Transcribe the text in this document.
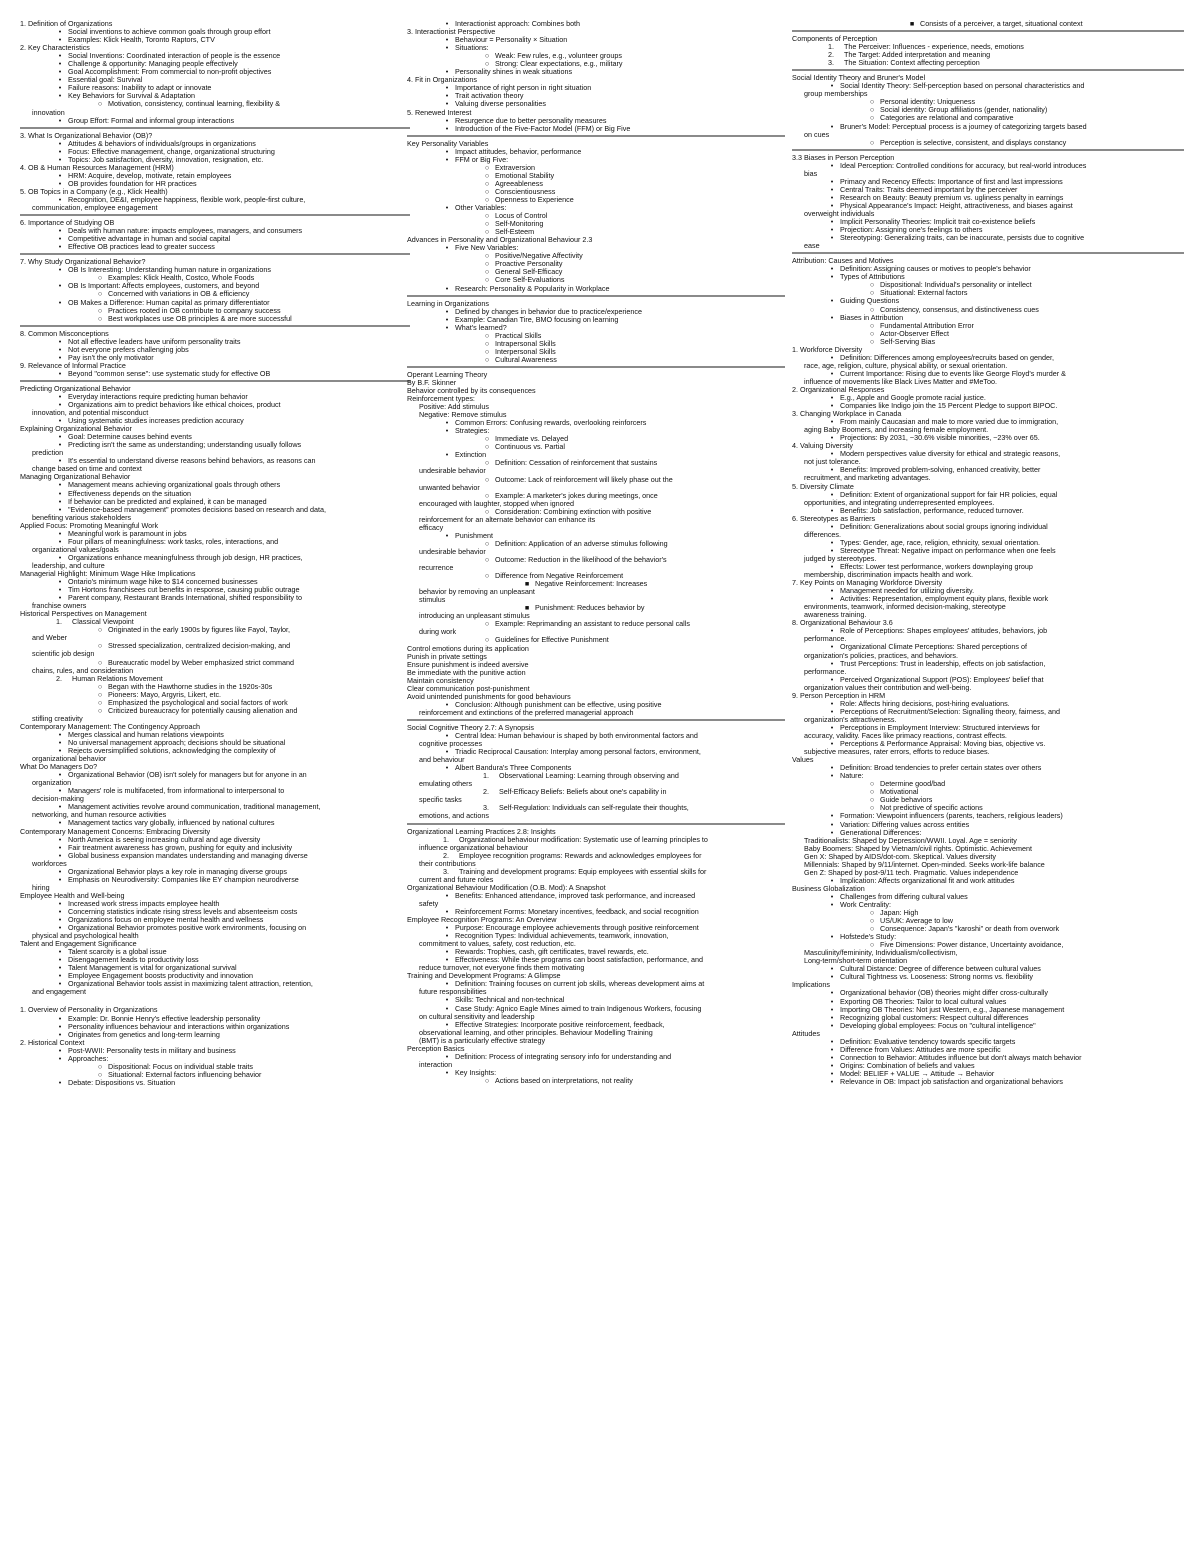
1. Definition of Organizations
• Social inventions to achieve common goals through group effort
• Examples: Klick Health, Toronto Raptors, CTV
2. Key Characteristics
• Social Inventions: Coordinated interaction of people is the essence
• Challenge & opportunity: Managing people effectively
• Goal Accomplishment: From commercial to non-profit objectives
• Essential goal: Survival
• Failure reasons: Inability to adapt or innovate
• Key Behaviors for Survival & Adaptation
○ Motivation, consistency, continual learning, flexibility &
innovation
• Group Effort: Formal and informal group interactions
3. What Is Organizational Behavior (OB)?
• Attitudes & behaviors of individuals/groups in organizations
• Focus: Effective management, change, organizational structuring
• Topics: Job satisfaction, diversity, innovation, resignation, etc.
4. OB & Human Resources Management (HRM)
• HRM: Acquire, develop, motivate, retain employees
• OB provides foundation for HR practices
5. OB Topics in a Company (e.g., Klick Health)
• Recognition, DE&I, employee happiness, flexible work, people-first culture,
communication, employee engagement
6. Importance of Studying OB
• Deals with human nature: impacts employees, managers, and consumers
• Competitive advantage in human and social capital
• Effective OB practices lead to greater success
7. Why Study Organizational Behavior?
• OB Is Interesting: Understanding human nature in organizations
○ Examples: Klick Health, Costco, Whole Foods
• OB Is Important: Affects employees, customers, and beyond
○ Concerned with variations in OB & efficiency
• OB Makes a Difference: Human capital as primary differentiator
○ Practices rooted in OB contribute to company success
○ Best workplaces use OB principles & are more successful
8. Common Misconceptions
• Not all effective leaders have uniform personality traits
• Not everyone prefers challenging jobs
• Pay isn't the only motivator
9. Relevance of Informal Practice
• Beyond "common sense": use systematic study for effective OB
Predicting Organizational Behavior
• Everyday interactions require predicting human behavior
• Organizations aim to predict behaviors like ethical choices, product
innovation, and potential misconduct
• Using systematic studies increases prediction accuracy
Explaining Organizational Behavior
• Goal: Determine causes behind events
• Predicting isn't the same as understanding; understanding usually follows
prediction
• It's essential to understand diverse reasons behind behaviors, as reasons can
change based on time and context
Managing Organizational Behavior
• Management means achieving organizational goals through others
• Effectiveness depends on the situation
• If behavior can be predicted and explained, it can be managed
• "Evidence-based management" promotes decisions based on research and data,
benefiting various stakeholders
Applied Focus: Promoting Meaningful Work
• Meaningful work is paramount in jobs
• Four pillars of meaningfulness: work tasks, roles, interactions, and
organizational values/goals
• Organizations enhance meaningfulness through job design, HR practices,
leadership, and culture
Managerial Highlight: Minimum Wage Hike Implications
• Ontario's minimum wage hike to $14 concerned businesses
• Tim Hortons franchisees cut benefits in response, causing public outrage
• Parent company, Restaurant Brands International, shifted responsibility to
franchise owners
Historical Perspectives on Management
1. Classical Viewpoint
○ Originated in the early 1900s by figures like Fayol, Taylor,
and Weber
○ Stressed specialization, centralized decision-making, and
scientific job design
○ Bureaucratic model by Weber emphasized strict command
chains, rules, and consideration
2. Human Relations Movement
○ Began with the Hawthorne studies in the 1920s-30s
○ Pioneers: Mayo, Argyris, Likert, etc.
○ Emphasized the psychological and social factors of work
○ Criticized bureaucracy for potentially causing alienation and
stifling creativity
Contemporary Management: The Contingency Approach
• Merges classical and human relations viewpoints
• No universal management approach; decisions should be situational
• Rejects oversimplified solutions, acknowledging the complexity of
organizational behavior
What Do Managers Do?
• Organizational Behavior (OB) isn't solely for managers but for anyone in an
organization
• Managers' role is multifaceted, from informational to interpersonal to
decision-making
• Management activities revolve around communication, traditional management,
networking, and human resource activities
• Management tactics vary globally, influenced by national cultures
Contemporary Management Concerns: Embracing Diversity
• North America is seeing increasing cultural and age diversity
• Fair treatment awareness has grown, pushing for equity and inclusivity
• Global business expansion mandates understanding and managing diverse
workforces
• Organizational Behavior plays a key role in managing diverse groups
• Emphasis on Neurodiversity: Companies like EY champion neurodiverse
hiring
Employee Health and Well-being
• Increased work stress impacts employee health
• Concerning statistics indicate rising stress levels and absenteeism costs
• Organizations focus on employee mental health and wellness
• Organizational Behavior promotes positive work environments, focusing on
physical and psychological health
Talent and Engagement Significance
• Talent scarcity is a global issue
• Disengagement leads to productivity loss
• Talent Management is vital for organizational survival
• Employee Engagement boosts productivity and innovation
• Organizational Behavior tools assist in maximizing talent attraction, retention,
and engagement
1. Overview of Personality in Organizations
• Example: Dr. Bonnie Henry's effective leadership personality
• Personality influences behaviour and interactions within organizations
• Originates from genetics and long-term learning
2. Historical Context
• Post-WWII: Personality tests in military and business
• Approaches:
○ Dispositional: Focus on individual stable traits
○ Situational: External factors influencing behavior
• Debate: Dispositions vs. Situation
• Interactionist approach: Combines both
3. Interactionist Perspective
• Behaviour = Personality × Situation
• Situations:
○ Weak: Few rules, e.g., volunteer groups
○ Strong: Clear expectations, e.g., military
• Personality shines in weak situations
4. Fit in Organizations
• Importance of right person in right situation
• Trait activation theory
• Valuing diverse personalities
5. Renewed Interest
• Resurgence due to better personality measures
• Introduction of the Five-Factor Model (FFM) or Big Five
Key Personality Variables
• Impact attitudes, behavior, performance
• FFM or Big Five:
○ Extraversion
○ Emotional Stability
○ Agreeableness
○ Conscientiousness
○ Openness to Experience
• Other Variables:
○ Locus of Control
○ Self-Monitoring
○ Self-Esteem
Advances in Personality and Organizational Behaviour 2.3
• Five New Variables:
○ Positive/Negative Affectivity
○ Proactive Personality
○ General Self-Efficacy
○ Core Self-Evaluations
• Research: Personality & Popularity in Workplace
Learning in Organizations
• Defined by changes in behavior due to practice/experience
• Example: Canadian Tire, BMO focusing on learning
• What's learned?
○ Practical Skills
○ Intrapersonal Skills
○ Interpersonal Skills
○ Cultural Awareness
Operant Learning Theory
By B.F. Skinner
Behavior controlled by its consequences
Reinforcement types:
Positive: Add stimulus
Negative: Remove stimulus
• Common Errors: Confusing rewards, overlooking reinforcers
• Strategies:
○ Immediate vs. Delayed
○ Continuous vs. Partial
• Extinction
○ Definition: Cessation of reinforcement that sustains
undesirable behavior
○ Outcome: Lack of reinforcement will likely phase out the
unwanted behavior
○ Example: A marketer's jokes during meetings, once
encouraged with laughter, stopped when ignored
○ Consideration: Combining extinction with positive
reinforcement for an alternate behavior can enhance its
efficacy
• Punishment
○ Definition: Application of an adverse stimulus following
undesirable behavior
○ Outcome: Reduction in the likelihood of the behavior's
recurrence
○ Difference from Negative Reinforcement
■ Negative Reinforcement: Increases
behavior by removing an unpleasant
stimulus
■ Punishment: Reduces behavior by
introducing an unpleasant stimulus
○ Example: Reprimanding an assistant to reduce personal calls
during work
○ Guidelines for Effective Punishment
Control emotions during its application
Punish in private settings
Ensure punishment is indeed aversive
Be immediate with the punitive action
Maintain consistency
Clear communication post-punishment
Avoid unintended punishments for good behaviours
• Conclusion: Although punishment can be effective, using positive
reinforcement and extinctions of the preferred managerial approach
Social Cognitive Theory 2.7: A Synopsis
• Central Idea: Human behaviour is shaped by both environmental factors and
cognitive processes
• Triadic Reciprocal Causation: Interplay among personal factors, environment,
and behaviour
• Albert Bandura's Three Components
1. Observational Learning: Learning through observing and
emulating others
2. Self-Efficacy Beliefs: Beliefs about one's capability in
specific tasks
3. Self-Regulation: Individuals can self-regulate their thoughts,
emotions, and actions
Organizational Learning Practices 2.8: Insights
1. Organizational behaviour modification: Systematic use of learning principles to
influence organizational behaviour
2. Employee recognition programs: Rewards and acknowledges employees for
their contributions
3. Training and development programs: Equip employees with essential skills for
current and future roles
Organizational Behaviour Modification (O.B. Mod): A Snapshot
• Benefits: Enhanced attendance, improved task performance, and increased
safety
• Reinforcement Forms: Monetary incentives, feedback, and social recognition
Employee Recognition Programs: An Overview
• Purpose: Encourage employee achievements through positive reinforcement
• Recognition Types: Individual achievements, teamwork, innovation,
commitment to values, safety, cost reduction, etc.
• Rewards: Trophies, cash, gift certificates, travel rewards, etc.
• Effectiveness: While these programs can boost satisfaction, performance, and
reduce turnover, not everyone finds them motivating
Training and Development Programs: A Glimpse
• Definition: Training focuses on current job skills, whereas development aims at
future responsibilities
• Skills: Technical and non-technical
• Case Study: Agnico Eagle Mines aimed to train Indigenous Workers, focusing
on cultural sensitivity and leadership
• Effective Strategies: Incorporate positive reinforcement, feedback,
observational learning, and other principles. Behaviour Modelling Training
(BMT) is a particularly effective strategy
Perception Basics
• Definition: Process of integrating sensory info for understanding and
interaction
• Key Insights:
○ Actions based on interpretations, not reality
■ Consists of a perceiver, a target, situational context
Components of Perception
1. The Perceiver: Influences - experience, needs, emotions
2. The Target: Added interpretation and meaning
3. The Situation: Context affecting perception
Social Identity Theory and Bruner's Model
• Social Identity Theory: Self-perception based on personal characteristics and
group memberships
○ Personal identity: Uniqueness
○ Social identity: Group affiliations (gender, nationality)
○ Categories are relational and comparative
• Bruner's Model: Perceptual process is a journey of categorizing targets based
on cues
○ Perception is selective, consistent, and displays constancy
3.3 Biases in Person Perception
• Ideal Perception: Controlled conditions for accuracy, but real-world introduces
bias
• Primacy and Recency Effects: Importance of first and last impressions
• Central Traits: Traits deemed important by the perceiver
• Research on Beauty: Beauty premium vs. ugliness penalty in earnings
• Physical Appearance's Impact: Height, attractiveness, and biases against
overweight individuals
• Implicit Personality Theories: Implicit trait co-existence beliefs
• Projection: Assigning one's feelings to others
• Stereotyping: Generalizing traits, can be inaccurate, persists due to cognitive
ease
Attribution: Causes and Motives
• Definition: Assigning causes or motives to people's behavior
• Types of Attributions
○ Dispositional: Individual's personality or intellect
○ Situational: External factors
• Guiding Questions
○ Consistency, consensus, and distinctiveness cues
• Biases in Attribution
○ Fundamental Attribution Error
○ Actor-Observer Effect
○ Self-Serving Bias
1. Workforce Diversity
• Definition: Differences among employees/recruits based on gender,
race, age, religion, culture, physical ability, or sexual orientation.
• Current Importance: Rising due to events like George Floyd's murder &
influence of movements like Black Lives Matter and #MeToo.
2. Organizational Responses
• E.g., Apple and Google promote racial justice.
• Companies like Indigo join the 15 Percent Pledge to support BIPOC.
3. Changing Workplace in Canada
• From mainly Caucasian and male to more varied due to immigration,
aging Baby Boomers, and increasing female employment.
• Projections: By 2031, ~30.6% visible minorities, ~23% over 65.
4. Valuing Diversity
• Modern perspectives value diversity for ethical and strategic reasons,
not just tolerance.
• Benefits: Improved problem-solving, enhanced creativity, better
recruitment, and marketing advantages.
5. Diversity Climate
• Definition: Extent of organizational support for fair HR policies, equal
opportunities, and integrating underrepresented employees.
• Benefits: Job satisfaction, performance, reduced turnover.
6. Stereotypes as Barriers
• Definition: Generalizations about social groups ignoring individual
differences.
• Types: Gender, age, race, religion, ethnicity, sexual orientation.
• Stereotype Threat: Negative impact on performance when one feels
judged by stereotypes.
• Effects: Lower test performance, workers downplaying group
membership, discrimination impacts health and work.
7. Key Points on Managing Workforce Diversity
• Management needed for utilizing diversity.
• Activities: Representation, employment equity plans, flexible work
environments, teamwork, informed decision-making, stereotype
awareness training.
8. Organizational Behaviour 3.6
• Role of Perceptions: Shapes employees' attitudes, behaviors, job
performance.
• Organizational Climate Perceptions: Shared perceptions of
organization's policies, practices, and behaviors.
• Trust Perceptions: Trust in leadership, effects on job satisfaction,
performance.
• Perceived Organizational Support (POS): Employees' belief that
organization values their contribution and well-being.
9. Person Perception in HRM
• Role: Affects hiring decisions, post-hiring evaluations.
• Perceptions of Recruitment/Selection: Signalling theory, fairness, and
organization's attractiveness.
• Perceptions in Employment Interview: Structured interviews for
accuracy, validity. Faces like primacy reactions, contrast effects.
• Perceptions & Performance Appraisal: Moving bias, objective vs.
subjective measures, rater errors, efforts to reduce biases.
Values
• Definition: Broad tendencies to prefer certain states over others
• Nature:
○ Determine good/bad
○ Motivational
○ Guide behaviors
○ Not predictive of specific actions
• Formation: Viewpoint influencers (parents, teachers, religious leaders)
• Variation: Differing values across entities
• Generational Differences:
Traditionalists: Shaped by Depression/WWII. Loyal. Age = seniority
Baby Boomers: Shaped by Vietnam/civil rights. Optimistic. Achievement
Gen X: Shaped by AIDS/dot-com. Skeptical. Values diversity
Millennials: Shaped by 9/11/internet. Open-minded. Seeks work-life balance
Gen Z: Shaped by post-9/11 tech. Pragmatic. Values independence
• Implication: Affects organizational fit and work attitudes
Business Globalization
• Challenges from differing cultural values
• Work Centrality:
○ Japan: High
○ US/UK: Average to low
○ Consequence: Japan's "karoshi" or death from overwork
• Hofstede's Study:
○ Five Dimensions: Power distance, Uncertainty avoidance,
Masculinity/femininity, Individualism/collectivism,
Long-term/short-term orientation
• Cultural Distance: Degree of difference between cultural values
• Cultural Tightness vs. Looseness: Strong norms vs. flexibility
Implications
• Organizational behavior (OB) theories might differ cross-culturally
• Exporting OB Theories: Tailor to local cultural values
• Importing OB Theories: Not just Western, e.g., Japanese management
• Recognizing global customers: Respect cultural differences
• Developing global employees: Focus on "cultural intelligence"
Attitudes
• Definition: Evaluative tendency towards specific targets
• Difference from Values: Attitudes are more specific
• Connection to Behavior: Attitudes influence but don't always match behavior
• Origins: Combination of beliefs and values
• Model: BELIEF + VALUE → Attitude → Behavior
• Relevance in OB: Impact job satisfaction and organizational behaviors
